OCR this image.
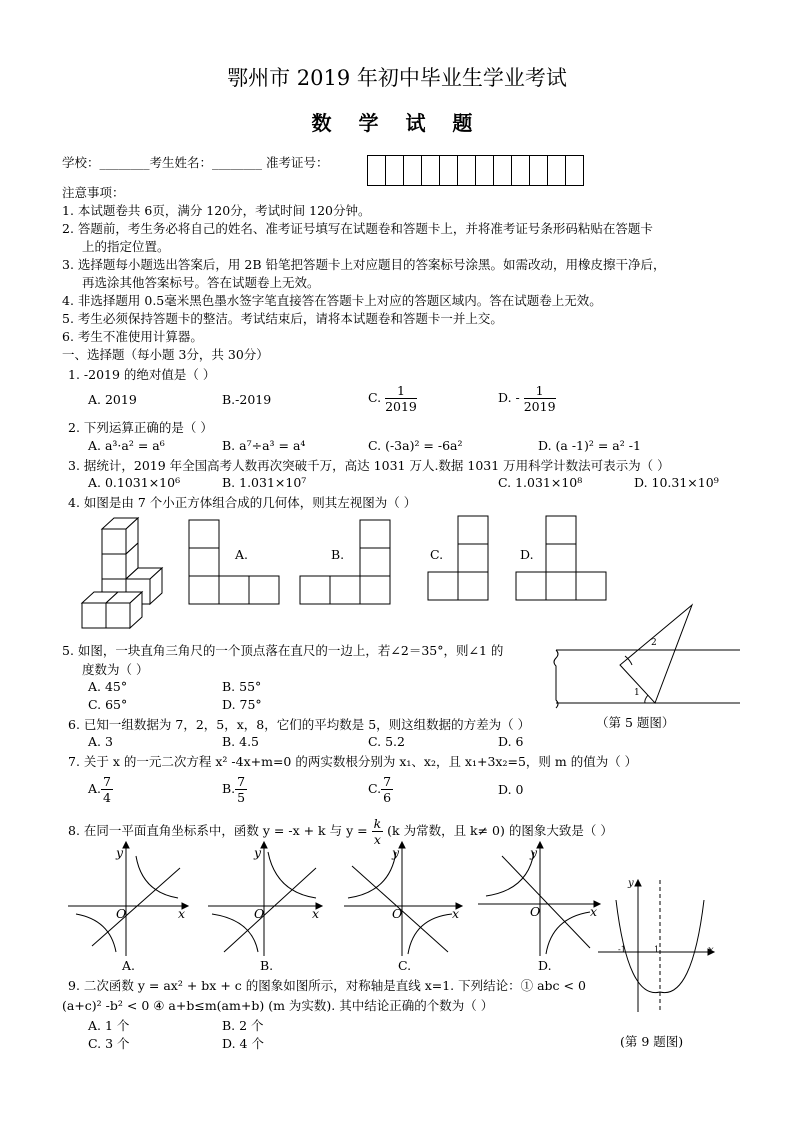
鄂州市 2019 年初中毕业生学业考试
数 学 试 题
学校：________考生姓名：________ 准考证号：
注意事项：
1. 本试题卷共 6页，满分 120分，考试时间 120分钟。
2. 答题前，考生务必将自己的姓名、准考证号填写在试题卷和答题卡上，并将准考证号条形码粘贴在答题卡
上的指定位置。
3. 选择题每小题选出答案后，用 2B 铅笔把答题卡上对应题目的答案标号涂黑。如需改动，用橡皮擦干净后，
再选涂其他答案标号。答在试题卷上无效。
4. 非选择题用 0.5毫米黑色墨水签字笔直接答在答题卡上对应的答题区域内。答在试题卷上无效。
5. 考生必须保持答题卡的整洁。考试结束后，请将本试题卷和答题卡一并上交。
6. 考生不准使用计算器。
一、选择题（每小题 3分，共 30分）
1. -2019 的绝对值是（ ）
A. 2019	B.-2019	C. $\frac{1}{2019}$	D. - $\frac{1}{2019}$
2. 下列运算正确的是（ ）
A. a³·a² = a⁶	B. a⁷÷a³ = a⁴	C. (-3a)² = -6a²	D. (a -1)² = a² -1
3. 据统计，2019 年全国高考人数再次突破千万，高达 1031 万人.数据 1031 万用科学计数法可表示为（ ）
A. 0.1031×10⁶	B. 1.031×10⁷	C. 1.031×10⁸	D. 10.31×10⁹
4. 如图是由 7 个小正方体组合成的几何体，则其左视图为（ ）
A.	B.	C.	D.
5. 如图，一块直角三角尺的一个顶点落在直尺的一边上，若∠2＝35°，则∠1 的
度数为（ ）
A. 45°	B. 55°
C. 65°	D. 75°
2
1
（第 5 题图）
6. 已知一组数据为 7，2，5，x，8，它们的平均数是 5，则这组数据的方差为（ ）
A. 3	B. 4.5	C. 5.2	D. 6
7. 关于 x 的一元二次方程 x² -4x+m=0 的两实数根分别为 x₁、x₂，且 x₁+3x₂=5，则 m 的值为（ ）
A. $\frac{7}{4}$	B. $\frac{7}{5}$	C. $\frac{7}{6}$	D. 0
8. 在同一平面直角坐标系中，函数 y = -x + k 与 $y = \frac{k}{x} (k$ 为常数，且 k≠ 0) 的图象大致是（ ）
y
x
O
A.
y
x
O
B.
y
x
O
C.
y
x
O
D.
y
x
-1	1
9. 二次函数 y = ax² + bx + c 的图象如图所示，对称轴是直线 x=1. 下列结论：① abc < 0
(a+c)² -b² < 0 ④ a+b≤m(am+b) (m 为实数). 其中结论正确的个数为（ ）
A. 1 个	B. 2 个
C. 3 个	D. 4 个	(第 9 题图)
